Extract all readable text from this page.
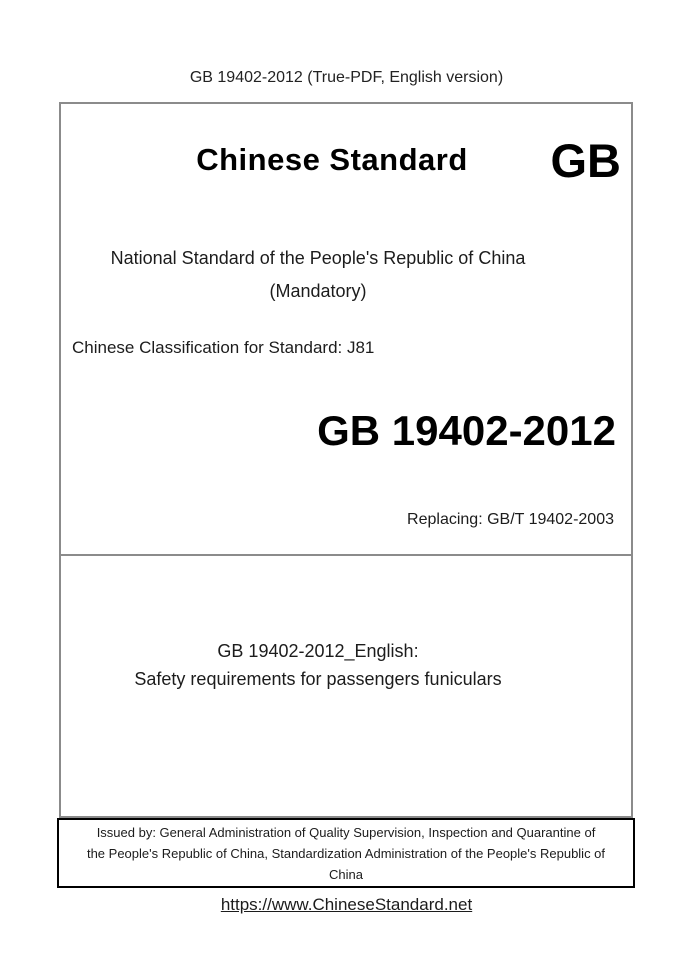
GB 19402-2012 (True-PDF, English version)
Chinese Standard	GB
National Standard of the People's Republic of China
(Mandatory)
Chinese Classification for Standard: J81
GB 19402-2012
Replacing: GB/T 19402-2003
GB 19402-2012_English:
Safety requirements for passengers funiculars
Issued by: General Administration of Quality Supervision, Inspection and Quarantine of
the People's Republic of China, Standardization Administration of the People's Republic of
China
https://www.ChineseStandard.net
